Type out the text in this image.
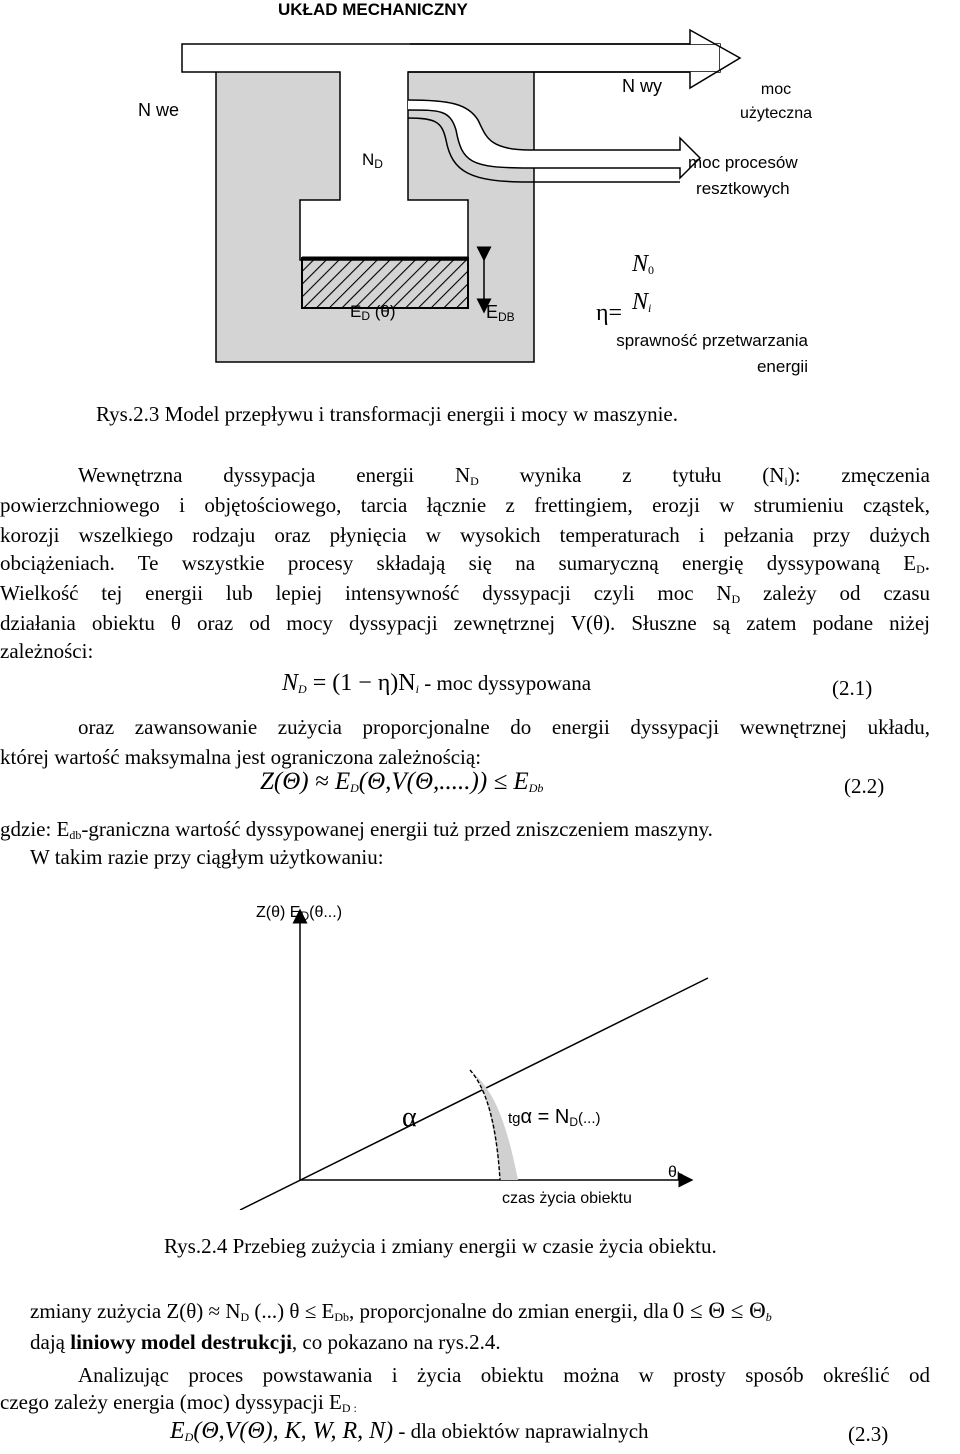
UKŁAD MECHANICZNY
N we
N wy	moc
użyteczna
$N_D$	moc procesów
resztkowych
$E_D$ (θ)	$E_{DB}$	η=
$N_0$
$N_i$
sprawność przetwarzania
energii
Rys.2.3 Model przepływu i transformacji energii i mocy w maszynie.
Wewnętrzna dyssypacja energii $N_D$ wynika z tytułu $(N_i)$: zmęczenia
powierzchniowego i objętościowego, tarcia łącznie z frettingiem, erozji w strumieniu cząstek,
korozji wszelkiego rodzaju oraz płynięcia w wysokich temperaturach i pełzania przy dużych
obciążeniach. Te wszystkie procesy składają się na sumaryczną energię dyssypowaną $E_D$.
Wielkość tej energii lub lepiej intensywność dyssypacji czyli moc $N_D$ zależy od czasu
działania obiektu θ oraz od mocy dyssypacji zewnętrznej V(θ). Słuszne są zatem podane niżej
zależności:
$N_D = (1 - \eta)N_i$ - moc dyssypowana	(2.1)
oraz zawansowanie zużycia proporcjonalne do energii dyssypacji wewnętrznej układu,
której wartość maksymalna jest ograniczona zależnością:
$Z(\Theta) \approx E_D(\Theta,V(\Theta,.....)) \le E_{Db}$	(2.2)
gdzie: $E_{db}$-graniczna wartość dyssypowanej energii tuż przed zniszczeniem maszyny.
W takim razie przy ciągłym użytkowaniu:
Z(θ) $E_D(\theta...)$
α	$tg\alpha = N_D(...)$
$\theta_b$
czas życia obiektu
Rys.2.4 Przebieg zużycia i zmiany energii w czasie życia obiektu.
zmiany zużycia $Z(\theta) \approx N_D$ (...) $\theta \le E_{Db}$, proporcjonalne do zmian energii, dla $0 \le \Theta \le \Theta_b$
dają liniowy model destrukcji, co pokazano na rys.2.4.
Analizując proces powstawania i życia obiektu można w prosty sposób określić od
czego zależy energia (moc) dyssypacji $E_{D :}$
$E_D(\Theta,V(\Theta)$, K, W, R, N) - dla obiektów naprawialnych	(2.3)
